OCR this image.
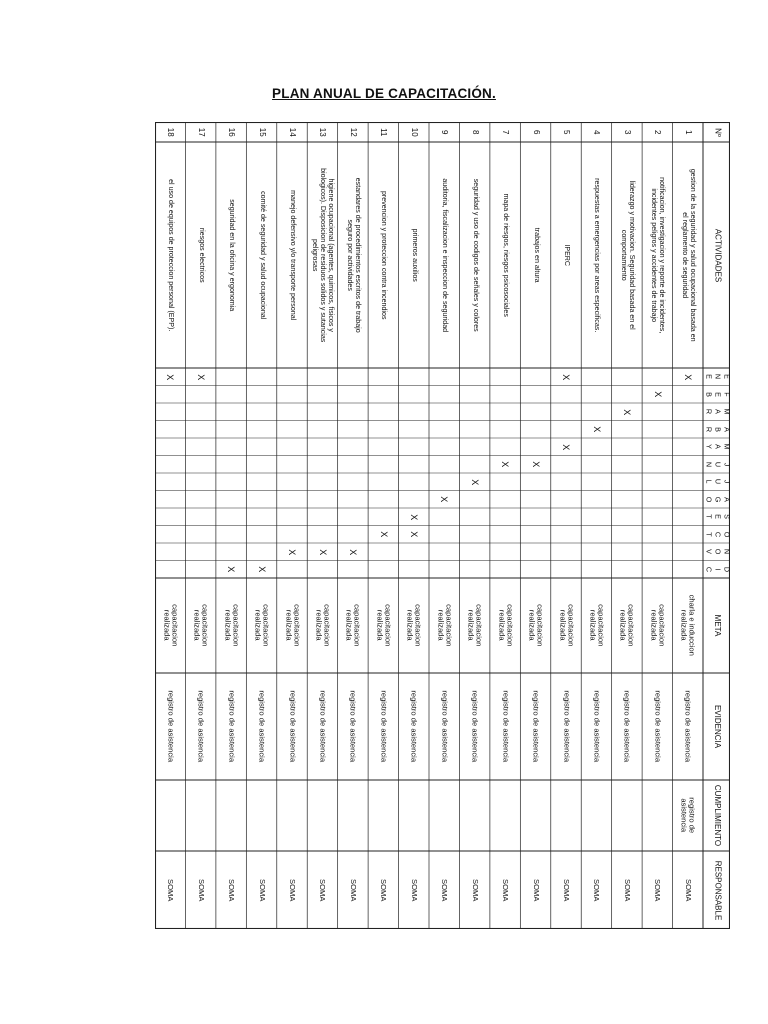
PLAN ANUAL DE CAPACITACIÓN.
Nº
ACTIVIDADES
META
EVIDENCIA
CUMPLIMIENTO
RESPONSABLE
E
N
E
F
E
B
M
A
R
A
B
R
M
A
Y
J
U
N
J
U
L
A
G
O
S
E
T
O
C
T
N
O
V
D
I
C
1
gestion de la seguridad y salud ocupacional basada en
el reglamento de seguridad
X
charla e induccion
realizada
registro de asistencia
registro de
asistencia
SOMA
2
notificacion, investigacion y reporte de incidentes,
incidentes peligros y accidentes de trabajo
X
capacitacion
realizada
registro de asistencia
SOMA
3
liderazgo y motivacion. Seguridad basada en el
comportamiento
X
capacitacion
realizada
registro de asistencia
SOMA
4
respuestas a emergencias por areas especificas.
X
capacitacion
realizada
registro de asistencia
SOMA
5
IPERC
X
X
capacitacion
realizada
registro de asistencia
SOMA
6
trabajos en altura
X
capacitacion
realizada
registro de asistencia
SOMA
7
mapa de riesgos, riesgos psicosociales
X
capacitacion
realizada
registro de asistencia
SOMA
8
seguridad y uso de codigos de señales y colores
X
capacitacion
realizada
registro de asistencia
SOMA
9
auditoria, fiscalizacion e inspeccion de seguridad
X
capacitacion
realizada
registro de asistencia
SOMA
10
primeros auxilios
X
X
capacitacion
realizada
registro de asistencia
SOMA
11
prevencion y proteccion contra incendios
X
capacitacion
realizada
registro de asistencia
SOMA
12
estandares de procedimientos escritos de trabajo
seguro por actividades
X
capacitacion
realizada
registro de asistencia
SOMA
13
higiene ocupacional (agentes, quimicos, fisicos y
biologicos). Disposicion de residuos solidos y sutancias
peligrosas
X
capacitacion
realizada
registro de asistencia
SOMA
14
manejo defensivo y/o transporte personal
X
capacitacion
realizada
registro de asistencia
SOMA
15
comité de seguridad y salud ocupacional
X
capacitacion
realizada
registro de asistencia
SOMA
16
seguridad en la oficina y ergonomia
X
capacitacion
realizada
registro de asistencia
SOMA
17
riesgos electricos
X
capacitacion
realizada
registro de asistencia
SOMA
18
el uso de equipos de proteccion personal (EPP).
X
capacitacion
realizada
registro de asistencia
SOMA
